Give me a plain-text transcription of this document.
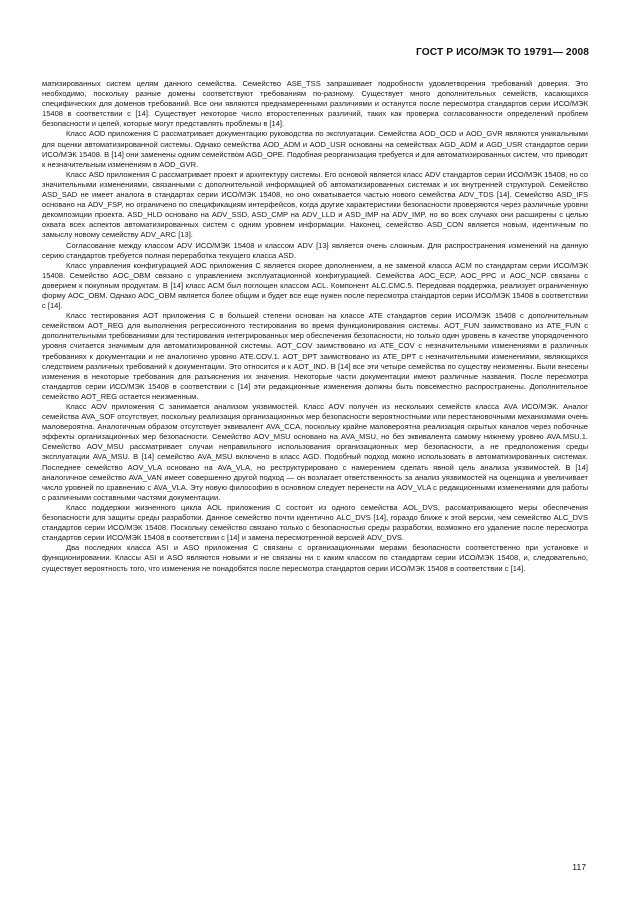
ГОСТ Р ИСО/МЭК ТО 19791— 2008

матизированных систем целям данного семейства. Семейство ASE_TSS запрашивает подробности удовлетворения требований доверия. Это необходимо, поскольку разные домены соответствуют требованиям по-разному. Существует много дополнительных семейств, касающихся специфических для доменов требований. Все они являются преднамеренными различиями и останутся после пересмотра стандартов серии ИСО/МЭК 15408 в соответствии с [14]. Существует некоторое число второстепенных различий, таких как проверка согласованности определений проблем безопасности и целей, которые могут представлять проблемы в [14].

Класс AOD приложения С рассматривает документацию руководства по эксплуатации. Семейства AOD_OCD и AOD_GVR являются уникальными для оценки автоматизированной системы. Однако семейства AOD_ADM и AOD_USR основаны на семействах AGD_ADM и AGD_USR стандартов серии ИСО/МЭК 15408. В [14] они заменены одним семейством AGD_OPE. Подобная реорганизация требуется и для автоматизированных систем, что приводит к незначительным изменениям в AOD_GVR.

Класс ASD приложения С рассматривает проект и архитектуру системы. Его основой является класс ADV стандартов серии ИСО/МЭК 15408, но со значительными изменениями, связанными с дополнительной информацией об автоматизированных системах и их внутренней структурой. Семейство ASD_SAD не имеет аналога в стандартах серии ИСО/МЭК 15408, но оно охватывается частью нового семейства ADV_TDS [14]. Семейство ASD_IFS основано на ADV_FSP, но ограничено по спецификациям интерфейсов, когда другие характеристики безопасности проверяются через различные уровни декомпозиции проекта. ASD_HLD основано на ADV_SSD, ASD_CMP на ADV_LLD и ASD_IMP на ADV_IMP, но во всех случаях они расширены с целью охвата всех аспектов автоматизированных систем с одним уровнем информации. Наконец, семейство ASD_CON является новым, идентичным по замыслу новому семейству ADV_ARC [13].

Согласование между классом ADV ИСО/МЭК 15408 и классом ADV [13] является очень сложным. Для распространения изменений на данную серию стандартов требуется полная переработка текущего класса ASD.

Класс управления конфигурацией AOC приложения С является скорее дополнением, а не заменой класса ACM по стандартам серии ИСО/МЭК 15408. Семейство AOC_OBM связано с управлением эксплуатационной конфигурацией. Семейства AOC_ECP, AOC_PPC и AOC_NCP связаны с доверием к покупным продуктам. В [14] класс ACM был поглощен классом ACL. Компонент ALC.CMC.5. Передовая поддержка, реализует ограниченную форму AOC_OBM. Однако AOC_OBM является более общим и будет все еще нужен после пересмотра стандартов серии ИСО/МЭК 15408 в соответствии с [14].

Класс тестирования AOT приложения С в большей степени основан на классе ATE стандартов серии ИСО/МЭК 15408 с дополнительным семейством AOT_REG для выполнения регрессионного тестирования во время функционирования системы. AOT_FUN заимствовано из ATE_FUN с дополнительными требованиями для тестирования интегрированных мер обеспечения безопасности, но только один уровень в качестве упорядоченного уровня считается значимым для автоматизированной системы. AOT_COV заимствовано из ATE_COV с незначительными изменениями в различных требованиях к документации и не аналогично уровню ATE.COV.1. AOT_DPT заимствовано из ATE_DPT с незначительными изменениями, являющихся следствием различных требований к документации. Это относится и к AOT_IND. В [14] все эти четыре семейства по существу неизменны. Были внесены изменения в некоторые требования для разъяснения их значения. Некоторые части документации имеют различные названия. После пересмотра стандартов серии ИСО/МЭК 15408 в соответствии с [14] эти редакционные изменения должны быть повсеместно распространены. Дополнительное семейство AOT_REG остается неизменным.

Класс AOV приложения С занимается анализом уязвимостей. Класс AOV получен из нескольких семейств класса AVA ИСО/МЭК. Аналог семейства AVA_SOF отсутствует, поскольку реализация организационных мер безопасности вероятностными или перестановочными механизмами очень маловероятна. Аналогичным образом отсутствует эквивалент AVA_CCA, поскольку крайне маловероятна реализация скрытых каналов через побочные эффекты организационных мер безопасности. Семейство AOV_MSU основано на AVA_MSU, но без эквивалента самому нижнему уровню AVA.MSU.1. Семейство AOV_MSU рассматривает случаи неправильного использования организационных мер безопасности, а не предположения среды эксплуатации AVA_MSU. В [14] семейство AVA_MSU включено в класс AGD. Подобный подход можно использовать в автоматизированных системах. Последнее семейство AOV_VLA основано на AVA_VLA, но реструктурировано с намерением сделать явной цель анализа уязвимостей. В [14] аналогичное семейство AVA_VAN имеет совершенно другой подход — он возлагает ответственность за анализ уязвимостей на оценщика и увеличивает число уровней по сравнению с AVA_VLA. Эту новую философию в основном следует перенести на AOV_VLA с редакционными изменениями для работы с различными составными частями документации.

Класс поддержки жизненного цикла AOL приложения С состоит из одного семейства AOL_DVS, рассматривающего меры обеспечения безопасности для защиты среды разработки. Данное семейство почти идентично ALC_DVS [14], гораздо ближе к этой версии, чем семейство ALC_DVS стандартов серии ИСО/МЭК 15408. Поскольку семейство связано только с безопасностью среды разработки, возможно его удаление после пересмотра стандартов серии ИСО/МЭК 15408 в соответствии с [14] и замена пересмотренной версией ADV_DVS.

Два последних класса ASI и ASO приложения С связаны с организационными мерами безопасности соответственно при установке и функционировании. Классы ASI и ASO являются новыми и не связаны ни с каким классом по стандартам серии ИСО/МЭК 15408, и, следовательно, существует вероятность того, что изменения не понадобятся после пересмотра стандартов серии ИСО/МЭК 15408 в соответствии с [14].

117
